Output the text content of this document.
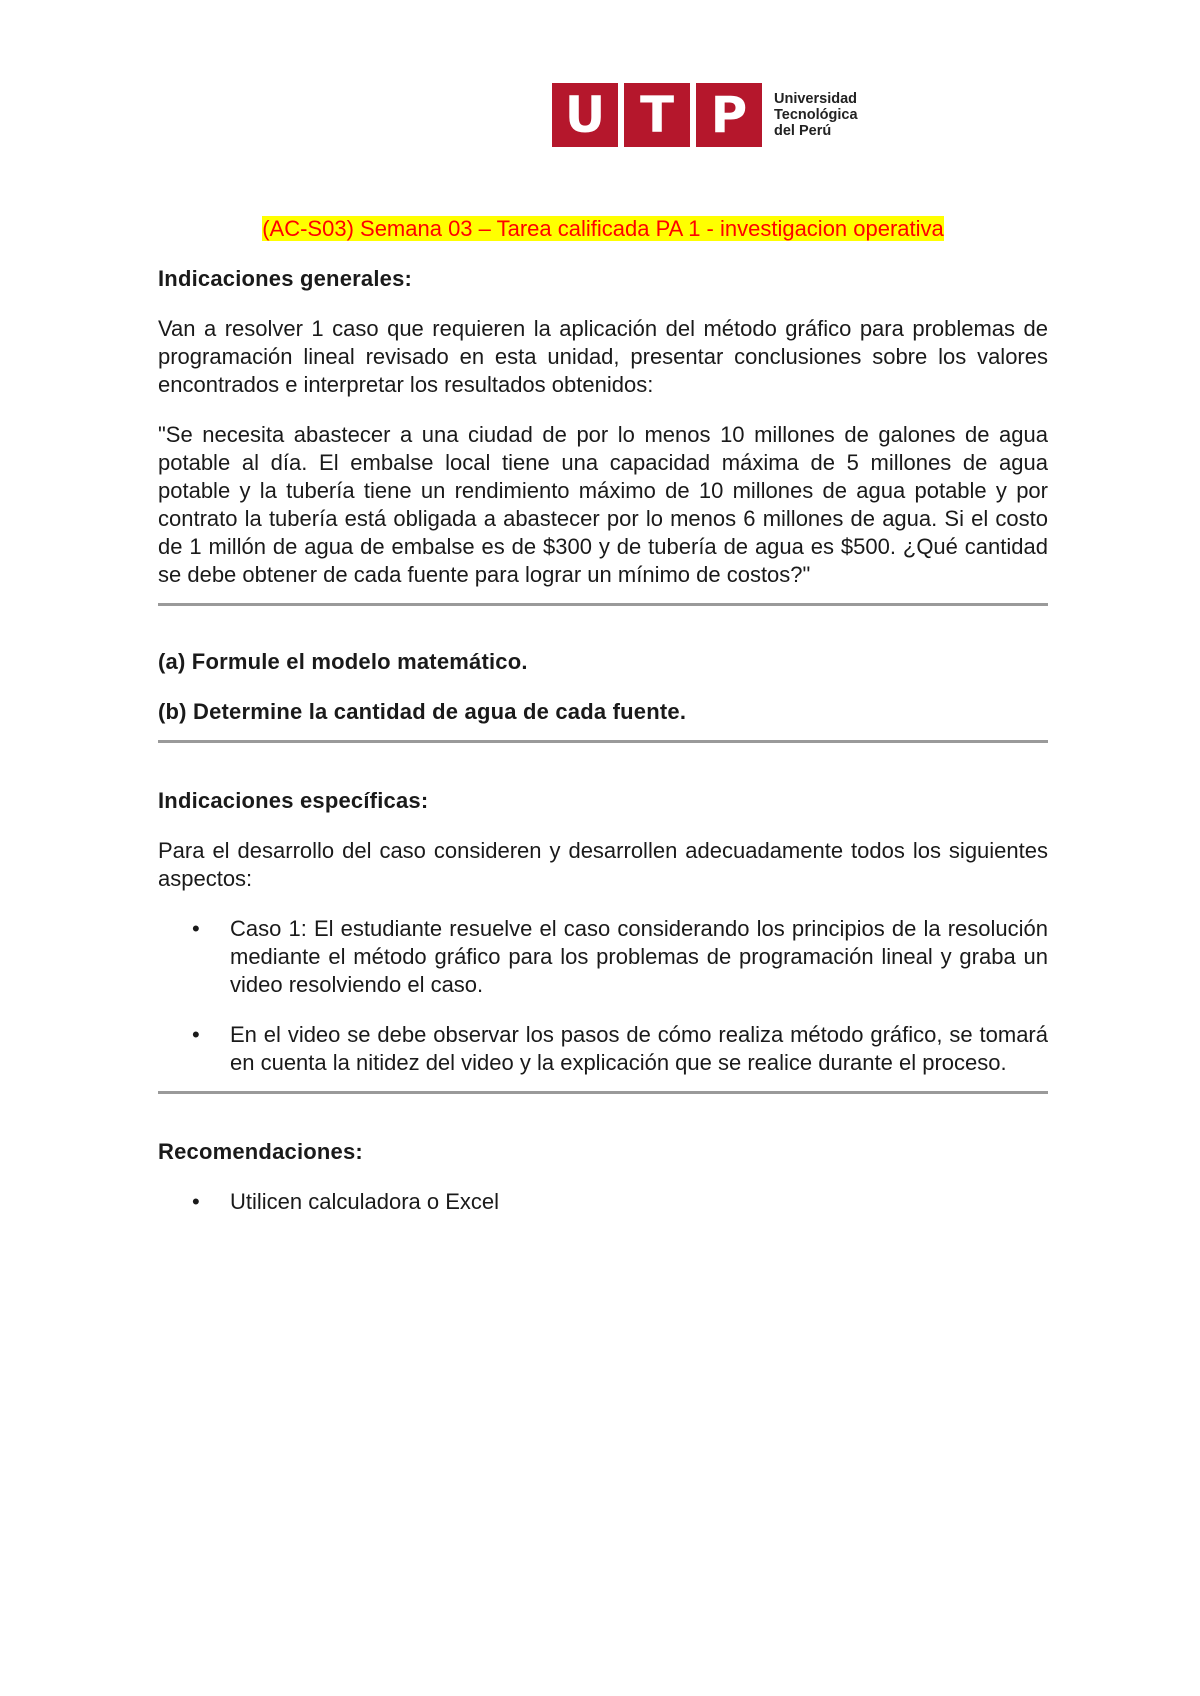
U T P	Universidad
Tecnológica
del Perú
(AC-S03) Semana 03 – Tarea calificada PA 1 - investigacion operativa
Indicaciones generales:
Van a resolver 1 caso que requieren la aplicación del método gráfico para problemas de programación lineal revisado en esta unidad, presentar conclusiones sobre los valores encontrados e interpretar los resultados obtenidos:
"Se necesita abastecer a una ciudad de por lo menos 10 millones de galones de agua potable al día. El embalse local tiene una capacidad máxima de 5 millones de agua potable y la tubería tiene un rendimiento máximo de 10 millones de agua potable y por contrato la tubería está obligada a abastecer por lo menos 6 millones de agua. Si el costo de 1 millón de agua de embalse es de $300 y de tubería de agua es $500. ¿Qué cantidad se debe obtener de cada fuente para lograr un mínimo de costos?"
(a) Formule el modelo matemático.
(b) Determine la cantidad de agua de cada fuente.
Indicaciones específicas:
Para el desarrollo del caso consideren y desarrollen adecuadamente todos los siguientes aspectos:
• Caso 1: El estudiante resuelve el caso considerando los principios de la resolución mediante el método gráfico para los problemas de programación lineal y graba un video resolviendo el caso.
• En el video se debe observar los pasos de cómo realiza método gráfico, se tomará en cuenta la nitidez del video y la explicación que se realice durante el proceso.
Recomendaciones:
• Utilicen calculadora o Excel
